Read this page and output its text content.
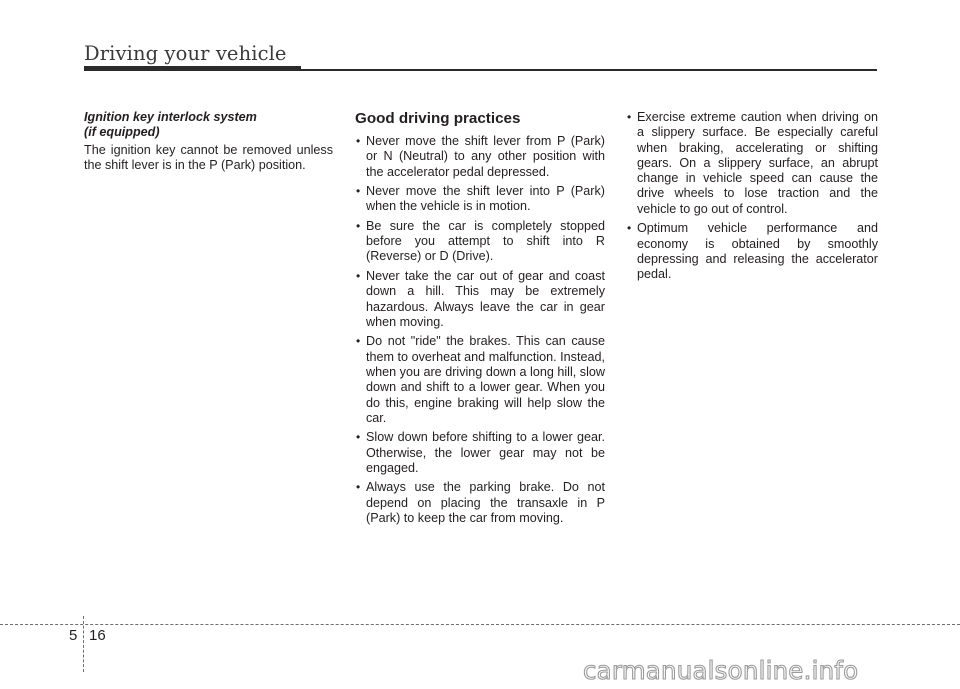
Driving your vehicle
Ignition key interlock system
(if equipped)

The ignition key cannot be removed unless the shift lever is in the P (Park) position.

Good driving practices
• Never move the shift lever from P (Park) or N (Neutral) to any other position with the accelerator pedal depressed.
• Never move the shift lever into P (Park) when the vehicle is in motion.
• Be sure the car is completely stopped before you attempt to shift into R (Reverse) or D (Drive).
• Never take the car out of gear and coast down a hill. This may be extremely hazardous. Always leave the car in gear when moving.
• Do not "ride" the brakes. This can cause them to overheat and malfunction. Instead, when you are driving down a long hill, slow down and shift to a lower gear. When you do this, engine braking will help slow the car.
• Slow down before shifting to a lower gear. Otherwise, the lower gear may not be engaged.
• Always use the parking brake. Do not depend on placing the transaxle in P (Park) to keep the car from moving.
• Exercise extreme caution when driving on a slippery surface. Be especially careful when braking, accelerating or shifting gears. On a slippery surface, an abrupt change in vehicle speed can cause the drive wheels to lose traction and the vehicle to go out of control.
• Optimum vehicle performance and economy is obtained by smoothly depressing and releasing the accelerator pedal.
5 16
carmanualsonline.info
